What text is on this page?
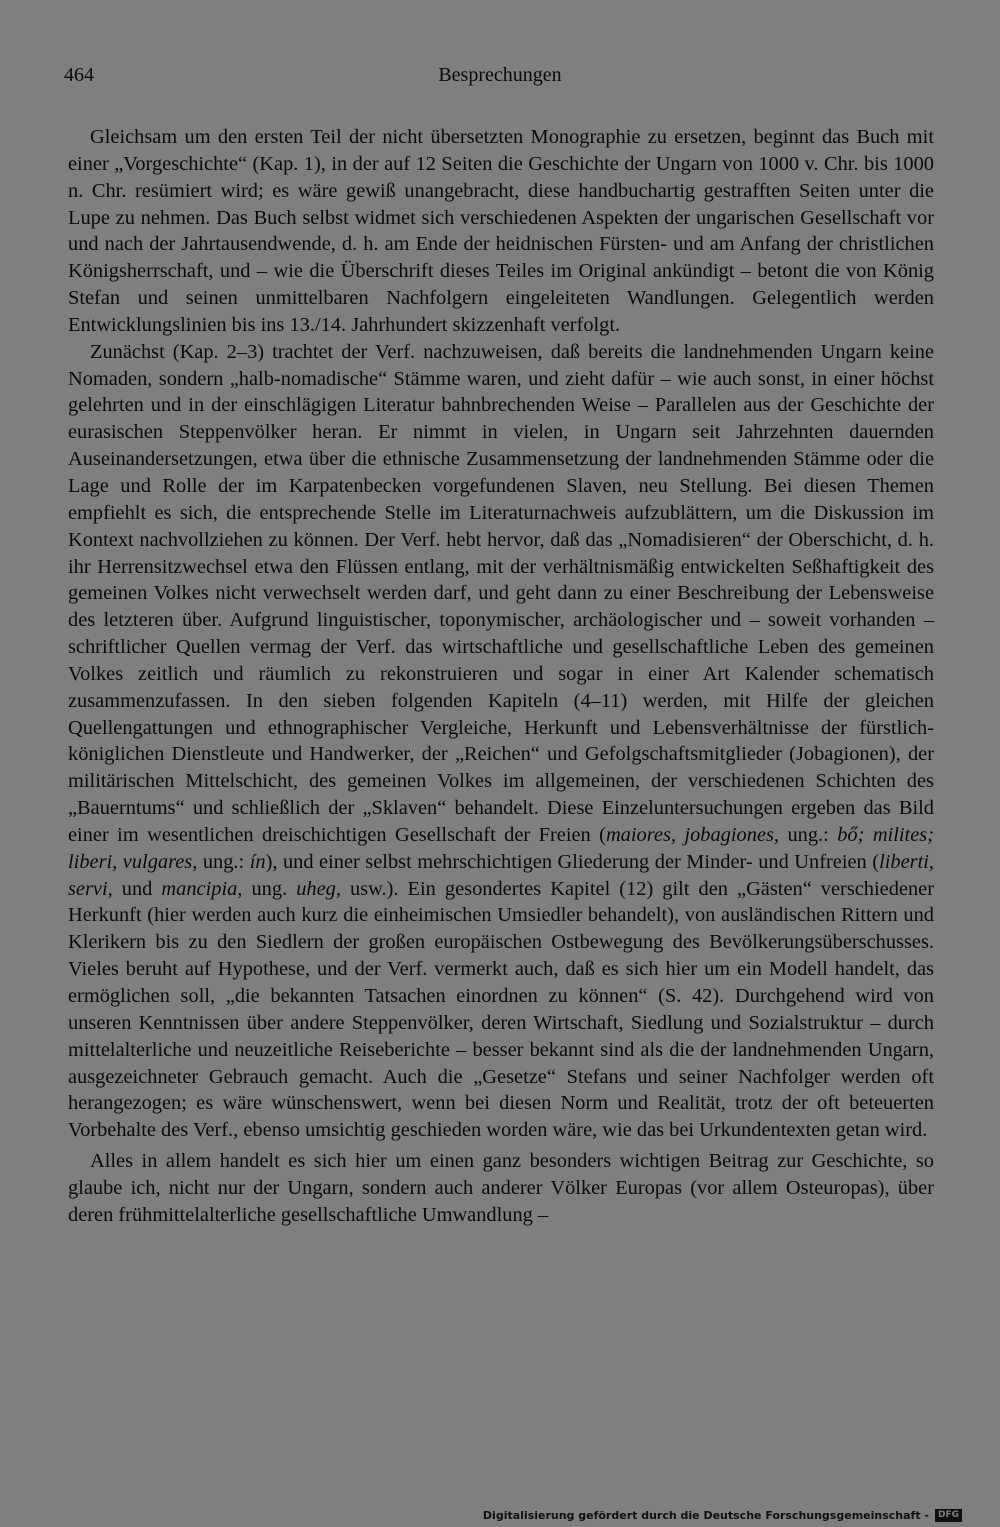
464	Besprechungen

Gleichsam um den ersten Teil der nicht übersetzten Monographie zu ersetzen, beginnt das Buch mit einer „Vorgeschichte“ (Kap. 1), in der auf 12 Seiten die Geschichte der Ungarn von 1000 v. Chr. bis 1000 n. Chr. resümiert wird; es wäre gewiß unangebracht, diese handbuchartig gestrafften Seiten unter die Lupe zu nehmen. Das Buch selbst widmet sich verschiedenen Aspekten der ungarischen Gesellschaft vor und nach der Jahrtausendwende, d. h. am Ende der heidnischen Fürsten- und am Anfang der christlichen Königsherrschaft, und – wie die Überschrift dieses Teiles im Original ankündigt – betont die von König Stefan und seinen unmittelbaren Nachfolgern eingeleiteten Wandlungen. Gelegentlich werden Entwicklungslinien bis ins 13./14. Jahrhundert skizzenhaft verfolgt.

Zunächst (Kap. 2–3) trachtet der Verf. nachzuweisen, daß bereits die landnehmenden Ungarn keine Nomaden, sondern „halb-nomadische“ Stämme waren, und zieht dafür – wie auch sonst, in einer höchst gelehrten und in der einschlägigen Literatur bahnbrechenden Weise – Parallelen aus der Geschichte der eurasischen Steppenvölker heran. Er nimmt in vielen, in Ungarn seit Jahrzehnten dauernden Auseinandersetzungen, etwa über die ethnische Zusammensetzung der landnehmenden Stämme oder die Lage und Rolle der im Karpatenbecken vorgefundenen Slaven, neu Stellung. Bei diesen Themen empfiehlt es sich, die entsprechende Stelle im Literaturnachweis aufzublättern, um die Diskussion im Kontext nachvollziehen zu können. Der Verf. hebt hervor, daß das „Nomadisieren“ der Oberschicht, d. h. ihr Herrensitzwechsel etwa den Flüssen entlang, mit der verhältnismäßig entwickelten Seßhaftigkeit des gemeinen Volkes nicht verwechselt werden darf, und geht dann zu einer Beschreibung der Lebensweise des letzteren über. Aufgrund linguistischer, toponymischer, archäologischer und – soweit vorhanden – schriftlicher Quellen vermag der Verf. das wirtschaftliche und gesellschaftliche Leben des gemeinen Volkes zeitlich und räumlich zu rekonstruieren und sogar in einer Art Kalender schematisch zusammenzufassen. In den sieben folgenden Kapiteln (4–11) werden, mit Hilfe der gleichen Quellengattungen und ethnographischer Vergleiche, Herkunft und Lebensverhältnisse der fürstlich-königlichen Dienstleute und Handwerker, der „Reichen“ und Gefolgschaftsmitglieder (Jobagionen), der militärischen Mittelschicht, des gemeinen Volkes im allgemeinen, der verschiedenen Schichten des „Bauerntums“ und schließlich der „Sklaven“ behandelt. Diese Einzeluntersuchungen ergeben das Bild einer im wesentlichen dreischichtigen Gesellschaft der Freien (maiores, jobagiones, ung.: bő; milites; liberi, vulgares, ung.: ín), und einer selbst mehrschichtigen Gliederung der Minder- und Unfreien (liberti, servi, und mancipia, ung. uheg, usw.). Ein gesondertes Kapitel (12) gilt den „Gästen“ verschiedener Herkunft (hier werden auch kurz die einheimischen Umsiedler behandelt), von ausländischen Rittern und Klerikern bis zu den Siedlern der großen europäischen Ostbewegung des Bevölkerungsüberschusses. Vieles beruht auf Hypothese, und der Verf. vermerkt auch, daß es sich hier um ein Modell handelt, das ermöglichen soll, „die bekannten Tatsachen einordnen zu können“ (S. 42). Durchgehend wird von unseren Kenntnissen über andere Steppenvölker, deren Wirtschaft, Siedlung und Sozialstruktur – durch mittelalterliche und neuzeitliche Reiseberichte – besser bekannt sind als die der landnehmenden Ungarn, ausgezeichneter Gebrauch gemacht. Auch die „Gesetze“ Stefans und seiner Nachfolger werden oft herangezogen; es wäre wünschenswert, wenn bei diesen Norm und Realität, trotz der oft beteuerten Vorbehalte des Verf., ebenso umsichtig geschieden worden wäre, wie das bei Urkundentexten getan wird.

Alles in allem handelt es sich hier um einen ganz besonders wichtigen Beitrag zur Geschichte, so glaube ich, nicht nur der Ungarn, sondern auch anderer Völker Europas (vor allem Osteuropas), über deren frühmittelalterliche gesellschaftliche Umwandlung –

Digitalisierung gefördert durch die Deutsche Forschungsgemeinschaft -	DFG
